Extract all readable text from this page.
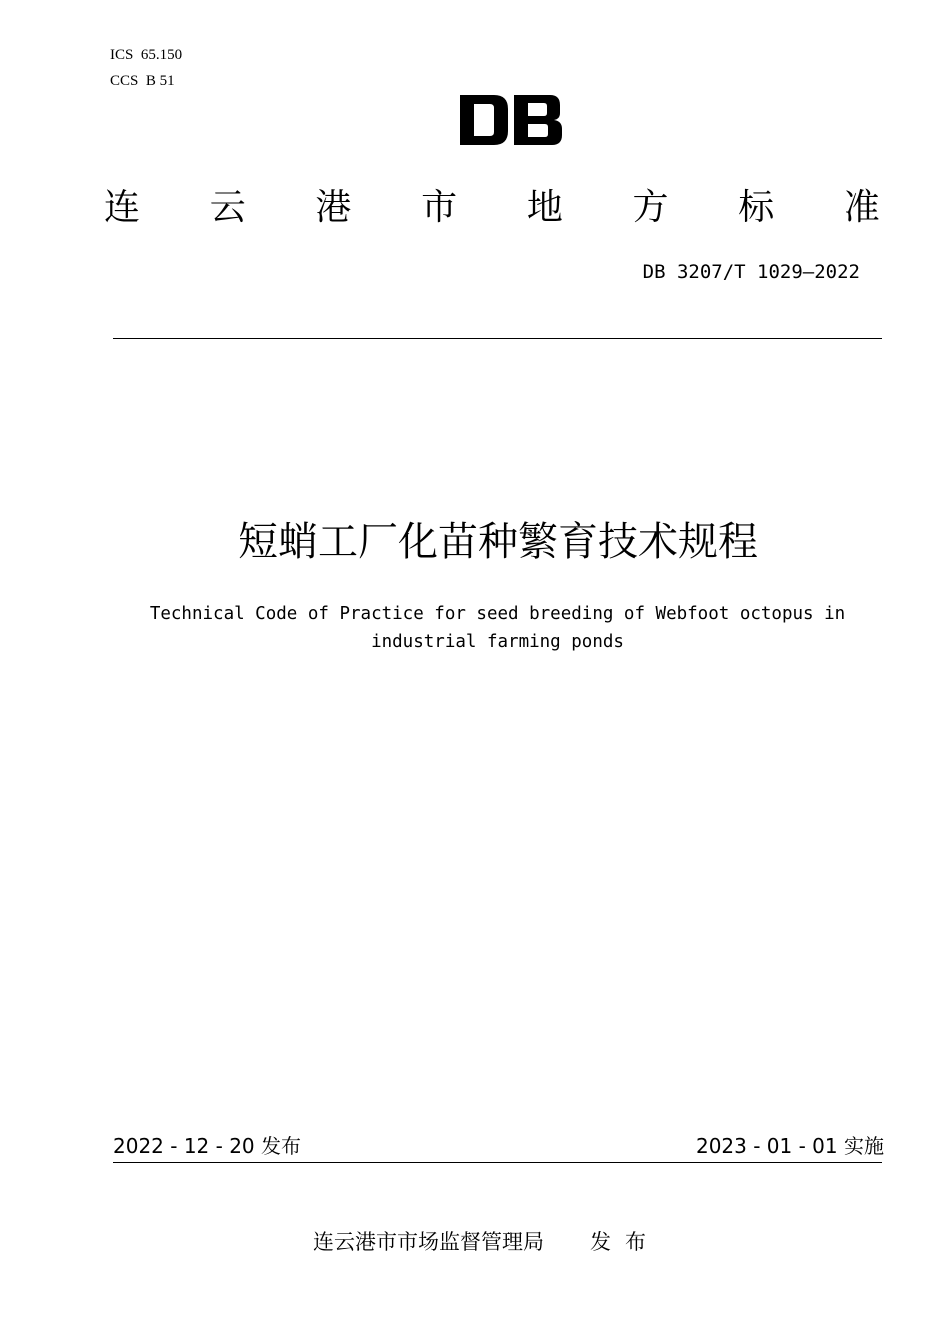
ICS  65.150
CCS  B 51
连 云 港 市 地 方 标 准
DB 3207/T 1029—2022
短蛸工厂化苗种繁育技术规程
Technical Code of Practice for seed breeding of Webfoot octopus in industrial farming ponds
2022 - 12 - 20 发布	2023 - 01 - 01 实施
连云港市市场监督管理局 发布
